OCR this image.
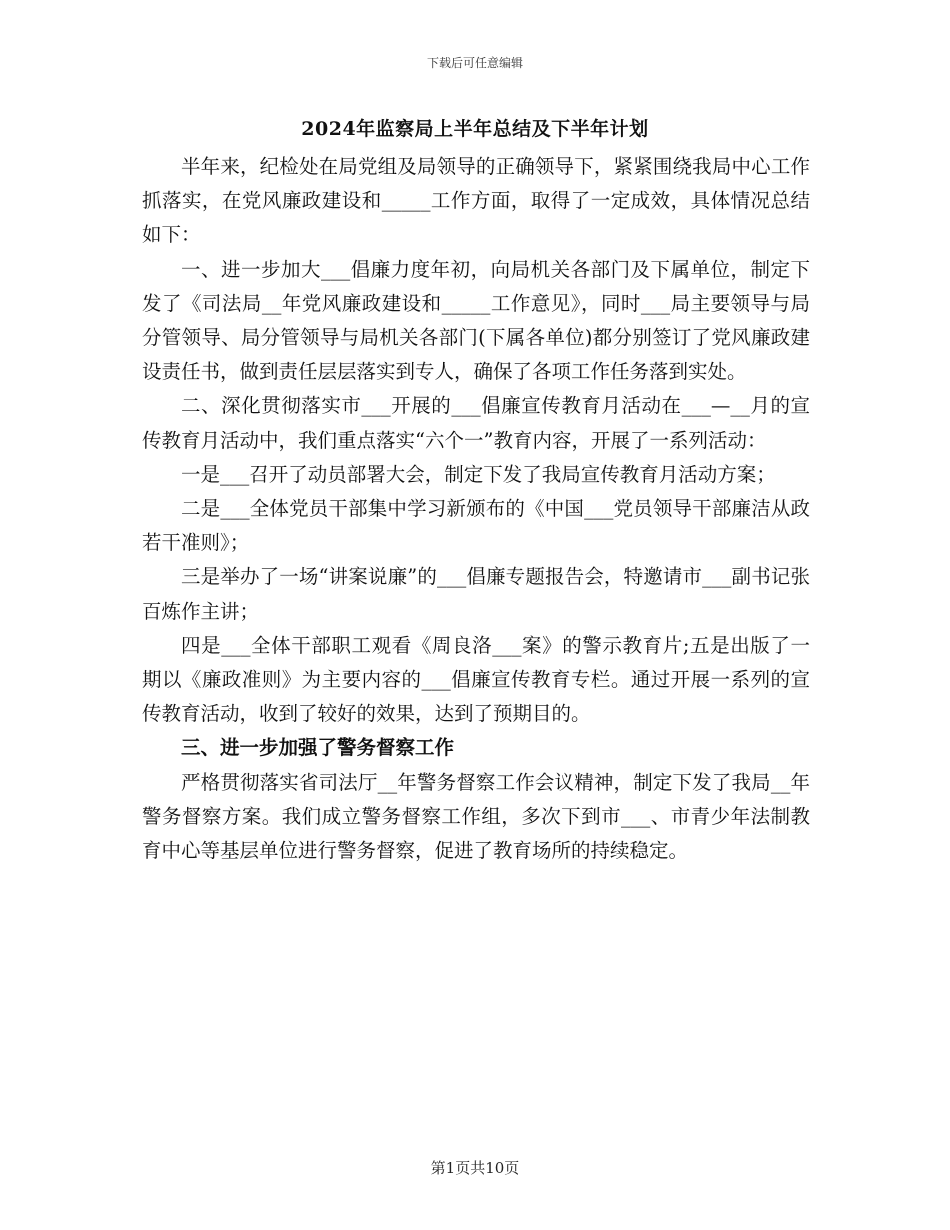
下载后可任意编辑
2024年监察局上半年总结及下半年计划

半年来，纪检处在局党组及局领导的正确领导下，紧紧围绕我局中心工作抓落实，在党风廉政建设和_____工作方面，取得了一定成效，具体情况总结如下：

一、进一步加大___倡廉力度年初，向局机关各部门及下属单位，制定下发了《司法局__年党风廉政建设和_____工作意见》，同时___局主要领导与局分管领导、局分管领导与局机关各部门(下属各单位)都分别签订了党风廉政建设责任书，做到责任层层落实到专人，确保了各项工作任务落到实处。

二、深化贯彻落实市___开展的___倡廉宣传教育月活动在___—__月的宣传教育月活动中，我们重点落实“六个一”教育内容，开展了一系列活动：

一是___召开了动员部署大会，制定下发了我局宣传教育月活动方案；

二是___全体党员干部集中学习新颁布的《中国___党员领导干部廉洁从政若干准则》；

三是举办了一场“讲案说廉”的___倡廉专题报告会，特邀请市___副书记张百炼作主讲；

四是___全体干部职工观看《周良洛___案》的警示教育片;五是出版了一期以《廉政准则》为主要内容的___倡廉宣传教育专栏。通过开展一系列的宣传教育活动，收到了较好的效果，达到了预期目的。

三、进一步加强了警务督察工作

严格贯彻落实省司法厅__年警务督察工作会议精神，制定下发了我局__年警务督察方案。我们成立警务督察工作组，多次下到市___、市青少年法制教育中心等基层单位进行警务督察，促进了教育场所的持续稳定。

第1页共10页
